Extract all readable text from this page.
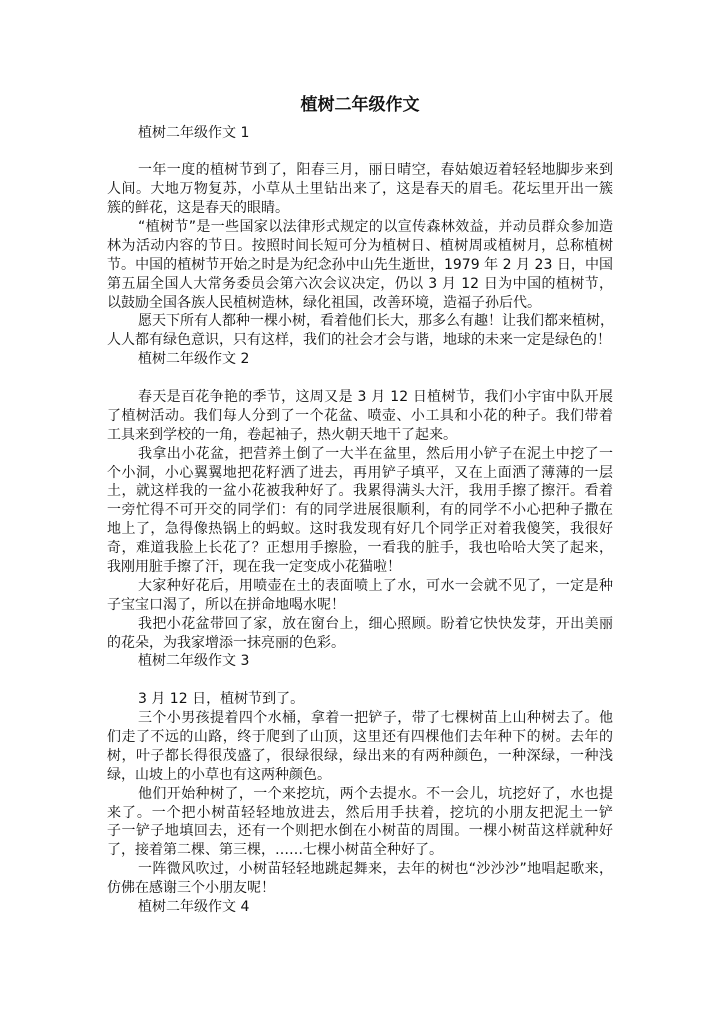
植树二年级作文
植树二年级作文 1
一年一度的植树节到了，阳春三月，丽日晴空，春姑娘迈着轻轻地脚步来到
人间。大地万物复苏，小草从土里钻出来了，这是春天的眉毛。花坛里开出一簇
簇的鲜花，这是春天的眼睛。
“植树节”是一些国家以法律形式规定的以宣传森林效益，并动员群众参加造
林为活动内容的节日。按照时间长短可分为植树日、植树周或植树月，总称植树
节。中国的植树节开始之时是为纪念孙中山先生逝世，1979 年 2 月 23 日，中国
第五届全国人大常务委员会第六次会议决定，仍以 3 月 12 日为中国的植树节，
以鼓励全国各族人民植树造林，绿化祖国，改善环境，造福子孙后代。
愿天下所有人都种一棵小树，看着他们长大，那多么有趣！让我们都来植树，
人人都有绿色意识，只有这样，我们的社会才会与谐，地球的未来一定是绿色的！
植树二年级作文 2
春天是百花争艳的季节，这周又是 3 月 12 日植树节，我们小宇宙中队开展
了植树活动。我们每人分到了一个花盆、喷壶、小工具和小花的种子。我们带着
工具来到学校的一角，卷起袖子，热火朝天地干了起来。
我拿出小花盆，把营养土倒了一大半在盆里，然后用小铲子在泥土中挖了一
个小洞，小心翼翼地把花籽洒了进去，再用铲子填平，又在上面洒了薄薄的一层
土，就这样我的一盆小花被我种好了。我累得满头大汗，我用手擦了擦汗。看着
一旁忙得不可开交的同学们：有的同学进展很顺利，有的同学不小心把种子撒在
地上了，急得像热锅上的蚂蚁。这时我发现有好几个同学正对着我傻笑，我很好
奇，难道我脸上长花了？正想用手擦脸，一看我的脏手，我也哈哈大笑了起来，
我刚用脏手擦了汗，现在我一定变成小花猫啦！
大家种好花后，用喷壶在土的表面喷上了水，可水一会就不见了，一定是种
子宝宝口渴了，所以在拼命地喝水呢！
我把小花盆带回了家，放在窗台上，细心照顾。盼着它快快发芽，开出美丽
的花朵，为我家增添一抹亮丽的色彩。
植树二年级作文 3
3 月 12 日，植树节到了。
三个小男孩提着四个水桶，拿着一把铲子，带了七棵树苗上山种树去了。他
们走了不远的山路，终于爬到了山顶，这里还有四棵他们去年种下的树。去年的
树，叶子都长得很茂盛了，很绿很绿，绿出来的有两种颜色，一种深绿，一种浅
绿，山坡上的小草也有这两种颜色。
他们开始种树了，一个来挖坑，两个去提水。不一会儿，坑挖好了，水也提
来了。一个把小树苗轻轻地放进去，然后用手扶着，挖坑的小朋友把泥土一铲
子一铲子地填回去，还有一个则把水倒在小树苗的周围。一棵小树苗这样就种好
了，接着第二棵、第三棵，……七棵小树苗全种好了。
一阵微风吹过，小树苗轻轻地跳起舞来，去年的树也“沙沙沙”地唱起歌来，
仿佛在感谢三个小朋友呢！
植树二年级作文 4
